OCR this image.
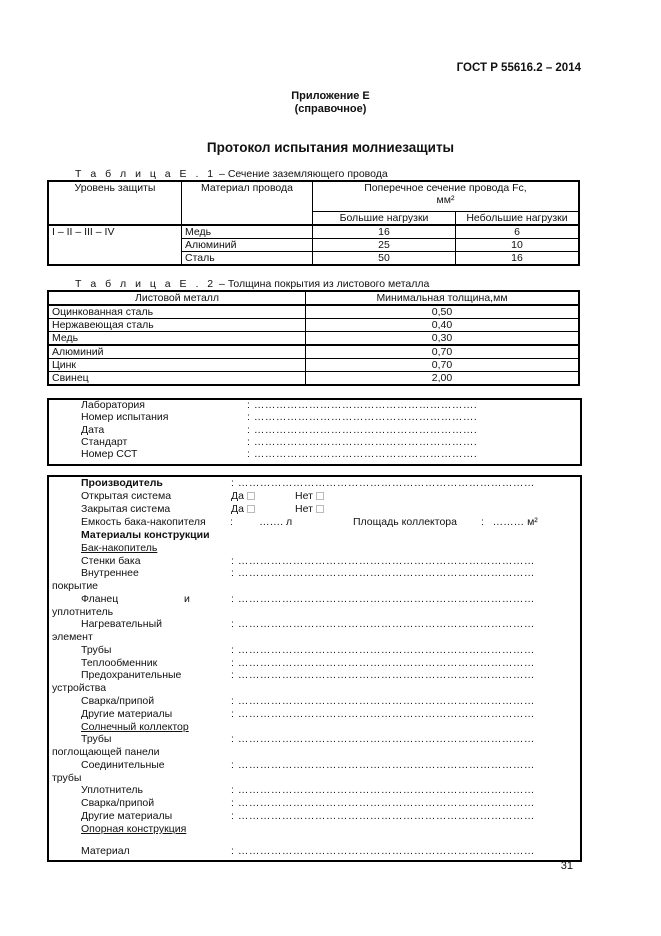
ГОСТ Р 55616.2 – 2014
Приложение Е
(справочное)
Протокол испытания молниезащиты
Т а б л и ц а Е . 1 – Сечение заземляющего провода
Уровень защиты	Материал провода	Поперечное сечение провода Fc,
мм²	
		Большие нагрузки	Небольшие нагрузки
I – II – III – IV	Медь	16	6
	Алюминий	25	10
	Сталь	50	16
Т а б л и ц а Е . 2 – Толщина покрытия из листового металла
Листовой металл	Минимальная толщина,мм
Оцинкованная сталь	0,50
Нержавеющая сталь	0,40
Медь	0,30
Алюминий	0,70
Цинк	0,70
Свинец	2,00
Лаборатория	: …………………………………………………….
Номер испытания	: …………………………………………………….
Дата	: …………………………………………………….
Стандарт	: …………………………………………………….
Номер ССТ	: …………………………………………………….
Производитель	: ………………………………………………………………………
Открытая система	Да	Нет
Закрытая система	Да	Нет
Емкость бака-накопителя :         ……. л	Площадь коллектора :   ……… м²
Материалы конструкции
Бак-накопитель
Стенки бака	: ………………………………………………………………………
Внутреннее	: ………………………………………………………………………
покрытие
Фланец	и	: ………………………………………………………………………
уплотнитель
Нагревательный	: ………………………………………………………………………
элемент
Трубы	: ………………………………………………………………………
Теплообменник	: ………………………………………………………………………
Предохранительные	: ………………………………………………………………………
устройства
Сварка/припой	: ………………………………………………………………………
Другие материалы	: ………………………………………………………………………
Солнечный коллектор
Трубы	: ………………………………………………………………………
поглощающей панели
Соединительные	: ………………………………………………………………………
трубы
Уплотнитель	: ………………………………………………………………………
Сварка/припой	: ………………………………………………………………………
Другие материалы	: ………………………………………………………………………
Опорная конструкция
Материал	: ………………………………………………………………………
31
